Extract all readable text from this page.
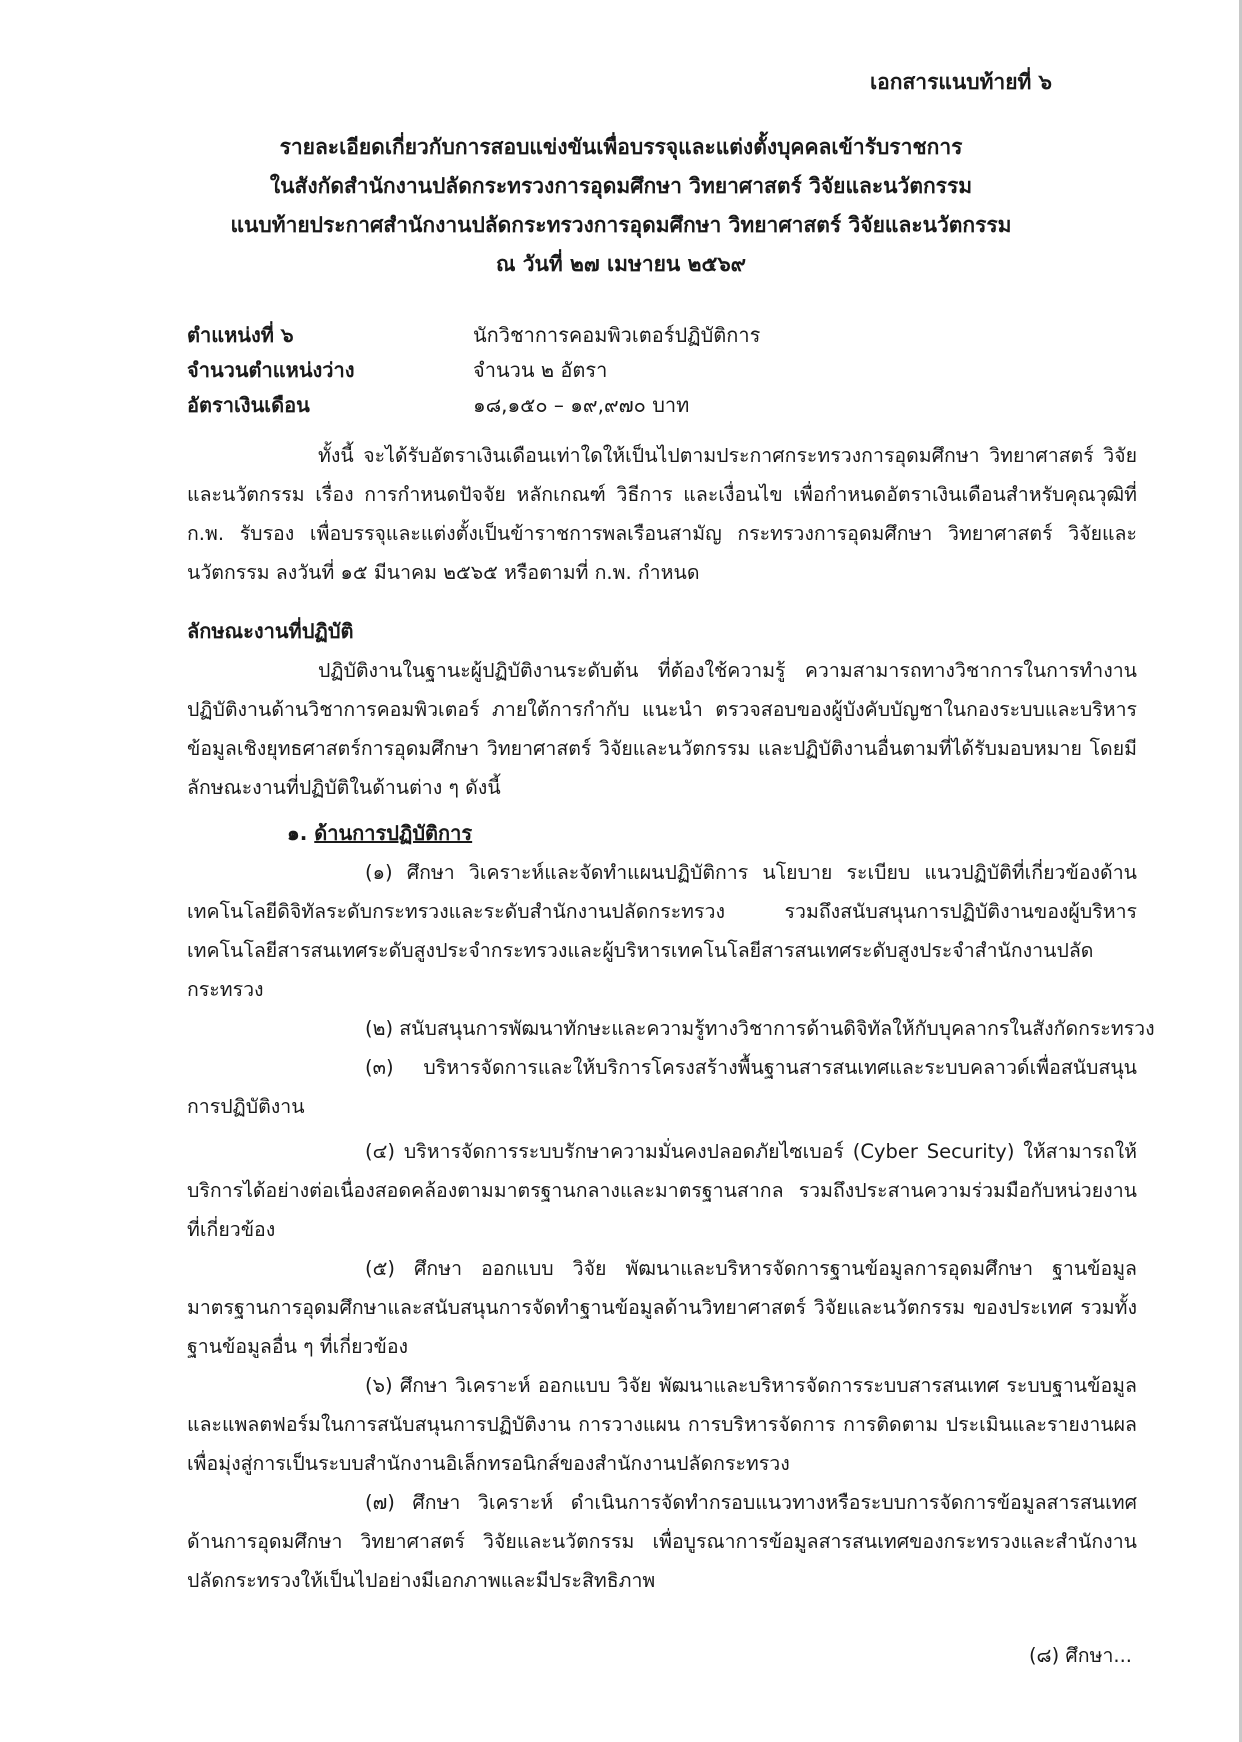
เอกสารแนบท้ายที่ ๖
รายละเอียดเกี่ยวกับการสอบแข่งขันเพื่อบรรจุและแต่งตั้งบุคคลเข้ารับราชการ
ในสังกัดสำนักงานปลัดกระทรวงการอุดมศึกษา วิทยาศาสตร์ วิจัยและนวัตกรรม
แนบท้ายประกาศสำนักงานปลัดกระทรวงการอุดมศึกษา วิทยาศาสตร์ วิจัยและนวัตกรรม
ณ วันที่ ๒๗ เมษายน ๒๕๖๙
ตำแหน่งที่ ๖	นักวิชาการคอมพิวเตอร์ปฏิบัติการ
จำนวนตำแหน่งว่าง	จำนวน ๒ อัตรา
อัตราเงินเดือน	๑๘,๑๕๐ – ๑๙,๙๗๐ บาท
ทั้งนี้ จะได้รับอัตราเงินเดือนเท่าใดให้เป็นไปตามประกาศกระทรวงการอุดมศึกษา วิทยาศาสตร์ วิจัยและนวัตกรรม เรื่อง การกำหนดปัจจัย หลักเกณฑ์ วิธีการ และเงื่อนไข เพื่อกำหนดอัตราเงินเดือนสำหรับคุณวุฒิที่ ก.พ. รับรอง เพื่อบรรจุและแต่งตั้งเป็นข้าราชการพลเรือนสามัญ กระทรวงการอุดมศึกษา วิทยาศาสตร์ วิจัยและนวัตกรรม ลงวันที่ ๑๕ มีนาคม ๒๕๖๕ หรือตามที่ ก.พ. กำหนด
ลักษณะงานที่ปฏิบัติ
ปฏิบัติงานในฐานะผู้ปฏิบัติงานระดับต้น ที่ต้องใช้ความรู้ ความสามารถทางวิชาการในการทำงาน ปฏิบัติงานด้านวิชาการคอมพิวเตอร์ ภายใต้การกำกับ แนะนำ ตรวจสอบของผู้บังคับบัญชาในกองระบบและบริหารข้อมูลเชิงยุทธศาสตร์การอุดมศึกษา วิทยาศาสตร์ วิจัยและนวัตกรรม และปฏิบัติงานอื่นตามที่ได้รับมอบหมาย โดยมีลักษณะงานที่ปฏิบัติในด้านต่าง ๆ ดังนี้
๑. ด้านการปฏิบัติการ
(๑) ศึกษา วิเคราะห์และจัดทำแผนปฏิบัติการ นโยบาย ระเบียบ แนวปฏิบัติที่เกี่ยวข้องด้านเทคโนโลยีดิจิทัลระดับกระทรวงและระดับสำนักงานปลัดกระทรวง รวมถึงสนับสนุนการปฏิบัติงานของผู้บริหารเทคโนโลยีสารสนเทศระดับสูงประจำกระทรวงและผู้บริหารเทคโนโลยีสารสนเทศระดับสูงประจำสำนักงานปลัดกระทรวง
(๒) สนับสนุนการพัฒนาทักษะและความรู้ทางวิชาการด้านดิจิทัลให้กับบุคลากรในสังกัดกระทรวง
(๓) บริหารจัดการและให้บริการโครงสร้างพื้นฐานสารสนเทศและระบบคลาวด์เพื่อสนับสนุนการปฏิบัติงาน
(๔) บริหารจัดการระบบรักษาความมั่นคงปลอดภัยไซเบอร์ (Cyber Security) ให้สามารถให้บริการได้อย่างต่อเนื่องสอดคล้องตามมาตรฐานกลางและมาตรฐานสากล รวมถึงประสานความร่วมมือกับหน่วยงานที่เกี่ยวข้อง
(๕) ศึกษา ออกแบบ วิจัย พัฒนาและบริหารจัดการฐานข้อมูลการอุดมศึกษา ฐานข้อมูลมาตรฐานการอุดมศึกษาและสนับสนุนการจัดทำฐานข้อมูลด้านวิทยาศาสตร์ วิจัยและนวัตกรรม ของประเทศ รวมทั้งฐานข้อมูลอื่น ๆ ที่เกี่ยวข้อง
(๖) ศึกษา วิเคราะห์ ออกแบบ วิจัย พัฒนาและบริหารจัดการระบบสารสนเทศ ระบบฐานข้อมูลและแพลตฟอร์มในการสนับสนุนการปฏิบัติงาน การวางแผน การบริหารจัดการ การติดตาม ประเมินและรายงานผล เพื่อมุ่งสู่การเป็นระบบสำนักงานอิเล็กทรอนิกส์ของสำนักงานปลัดกระทรวง
(๗) ศึกษา วิเคราะห์ ดำเนินการจัดทำกรอบแนวทางหรือระบบการจัดการข้อมูลสารสนเทศด้านการอุดมศึกษา วิทยาศาสตร์ วิจัยและนวัตกรรม เพื่อบูรณาการข้อมูลสารสนเทศของกระทรวงและสำนักงานปลัดกระทรวงให้เป็นไปอย่างมีเอกภาพและมีประสิทธิภาพ
(๘) ศึกษา...
